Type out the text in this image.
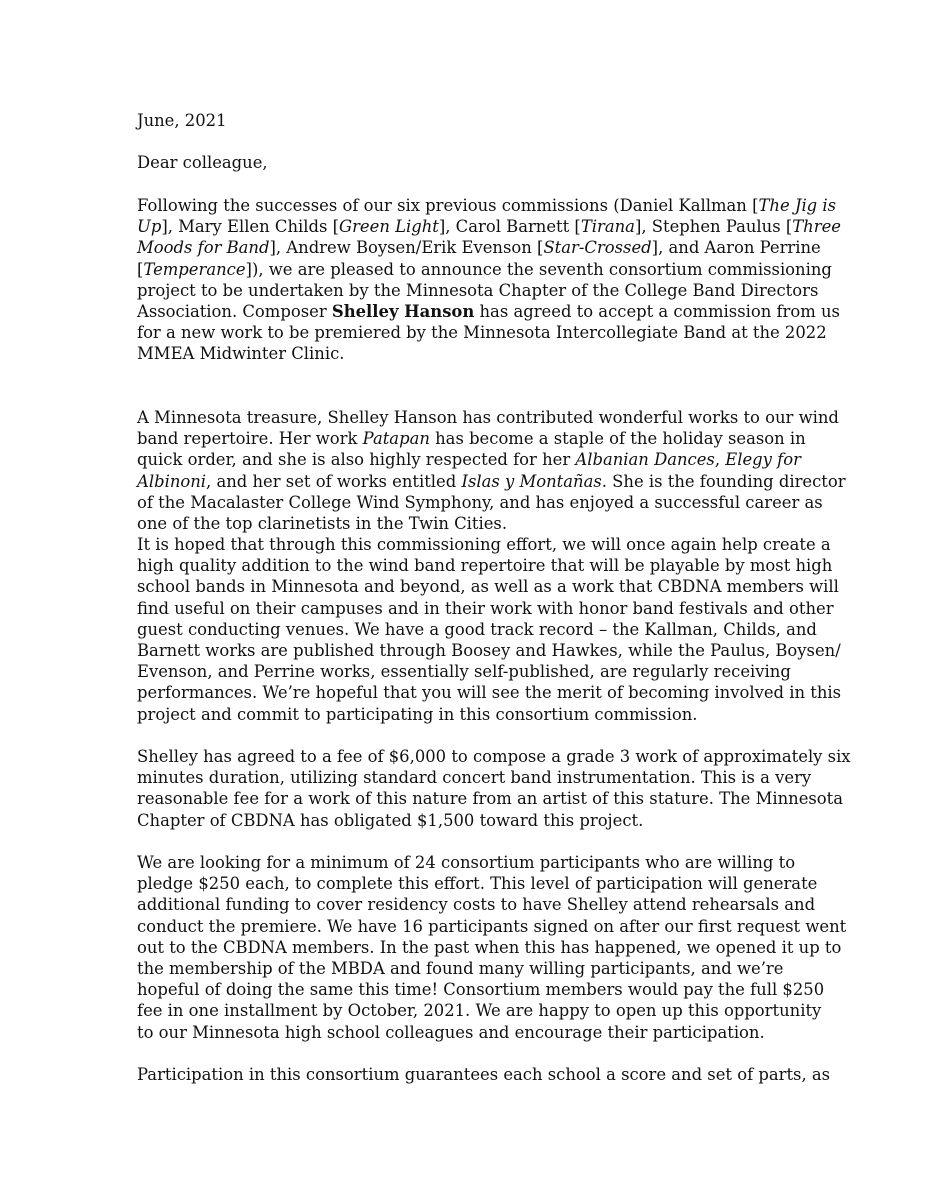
June, 2021
Dear colleague,
Following the successes of our six previous commissions (Daniel Kallman [The Jig is
Up], Mary Ellen Childs [Green Light], Carol Barnett [Tirana], Stephen Paulus [Three
Moods for Band], Andrew Boysen/Erik Evenson [Star-Crossed], and Aaron Perrine
[Temperance]), we are pleased to announce the seventh consortium commissioning
project to be undertaken by the Minnesota Chapter of the College Band Directors
Association. Composer Shelley Hanson has agreed to accept a commission from us
for a new work to be premiered by the Minnesota Intercollegiate Band at the 2022
MMEA Midwinter Clinic.
A Minnesota treasure, Shelley Hanson has contributed wonderful works to our wind
band repertoire. Her work Patapan has become a staple of the holiday season in
quick order, and she is also highly respected for her Albanian Dances, Elegy for
Albinoni, and her set of works entitled Islas y Montañas. She is the founding director
of the Macalaster College Wind Symphony, and has enjoyed a successful career as
one of the top clarinetists in the Twin Cities.
It is hoped that through this commissioning effort, we will once again help create a
high quality addition to the wind band repertoire that will be playable by most high
school bands in Minnesota and beyond, as well as a work that CBDNA members will
find useful on their campuses and in their work with honor band festivals and other
guest conducting venues. We have a good track record – the Kallman, Childs, and
Barnett works are published through Boosey and Hawkes, while the Paulus, Boysen/
Evenson, and Perrine works, essentially self-published, are regularly receiving
performances. We’re hopeful that you will see the merit of becoming involved in this
project and commit to participating in this consortium commission.
Shelley has agreed to a fee of $6,000 to compose a grade 3 work of approximately six
minutes duration, utilizing standard concert band instrumentation. This is a very
reasonable fee for a work of this nature from an artist of this stature. The Minnesota
Chapter of CBDNA has obligated $1,500 toward this project.
We are looking for a minimum of 24 consortium participants who are willing to
pledge $250 each, to complete this effort. This level of participation will generate
additional funding to cover residency costs to have Shelley attend rehearsals and
conduct the premiere. We have 16 participants signed on after our first request went
out to the CBDNA members. In the past when this has happened, we opened it up to
the membership of the MBDA and found many willing participants, and we’re
hopeful of doing the same this time! Consortium members would pay the full $250
fee in one installment by October, 2021. We are happy to open up this opportunity
to our Minnesota high school colleagues and encourage their participation.
Participation in this consortium guarantees each school a score and set of parts, as
